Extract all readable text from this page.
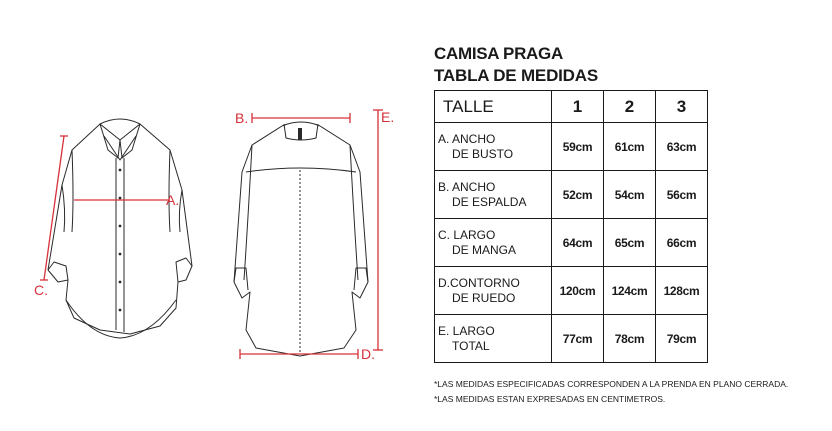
A.
B.
C.
D.
E.
CAMISA PRAGA
TABLA DE MEDIDAS
TALLE	1	2	3

A. ANCHO
DE BUSTO	59cm	61cm	63cm

B. ANCHO
DE ESPALDA	52cm	54cm	56cm

C. LARGO
DE MANGA	64cm	65cm	66cm

D.CONTORNO
DE RUEDO	120cm	124cm	128cm

E. LARGO
TOTAL	77cm	78cm	79cm
*LAS MEDIDAS ESPECIFICADAS CORRESPONDEN A LA PRENDA EN PLANO CERRADA.
*LAS MEDIDAS ESTAN EXPRESADAS EN CENTIMETROS.
